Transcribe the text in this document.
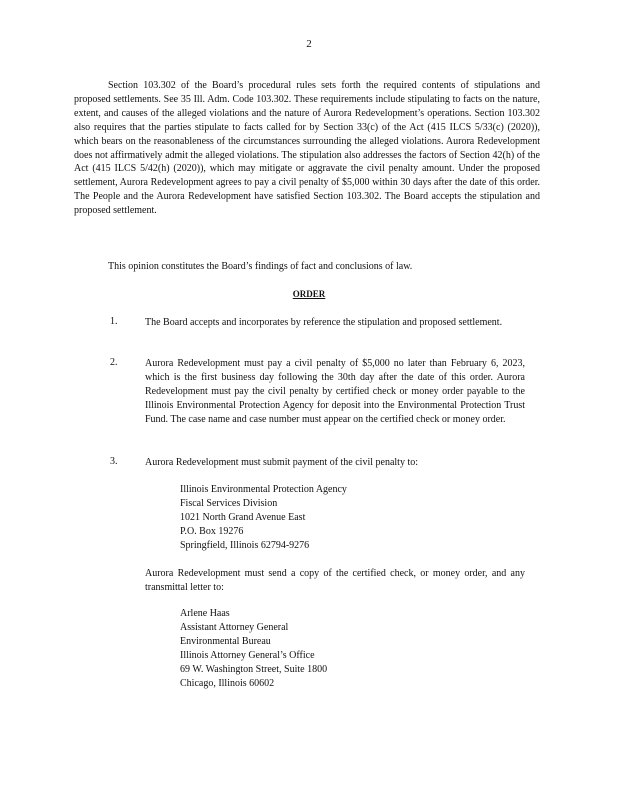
2

Section 103.302 of the Board’s procedural rules sets forth the required contents of stipulations and proposed settlements. See 35 Ill. Adm. Code 103.302. These requirements include stipulating to facts on the nature, extent, and causes of the alleged violations and the nature of Aurora Redevelopment’s operations. Section 103.302 also requires that the parties stipulate to facts called for by Section 33(c) of the Act (415 ILCS 5/33(c) (2020)), which bears on the reasonableness of the circumstances surrounding the alleged violations. Aurora Redevelopment does not affirmatively admit the alleged violations. The stipulation also addresses the factors of Section 42(h) of the Act (415 ILCS 5/42(h) (2020)), which may mitigate or aggravate the civil penalty amount. Under the proposed settlement, Aurora Redevelopment agrees to pay a civil penalty of $5,000 within 30 days after the date of this order. The People and the Aurora Redevelopment have satisfied Section 103.302. The Board accepts the stipulation and proposed settlement.

This opinion constitutes the Board’s findings of fact and conclusions of law.

ORDER
1.	The Board accepts and incorporates by reference the stipulation and proposed settlement.
2.	Aurora Redevelopment must pay a civil penalty of $5,000 no later than February 6, 2023, which is the first business day following the 30th day after the date of this order. Aurora Redevelopment must pay the civil penalty by certified check or money order payable to the Illinois Environmental Protection Agency for deposit into the Environmental Protection Trust Fund. The case name and case number must appear on the certified check or money order.
3.	Aurora Redevelopment must submit payment of the civil penalty to:
Illinois Environmental Protection Agency
Fiscal Services Division
1021 North Grand Avenue East
P.O. Box 19276
Springfield, Illinois 62794-9276
Aurora Redevelopment must send a copy of the certified check, or money order, and any transmittal letter to:
Arlene Haas
Assistant Attorney General
Environmental Bureau
Illinois Attorney General’s Office
69 W. Washington Street, Suite 1800
Chicago, Illinois 60602
